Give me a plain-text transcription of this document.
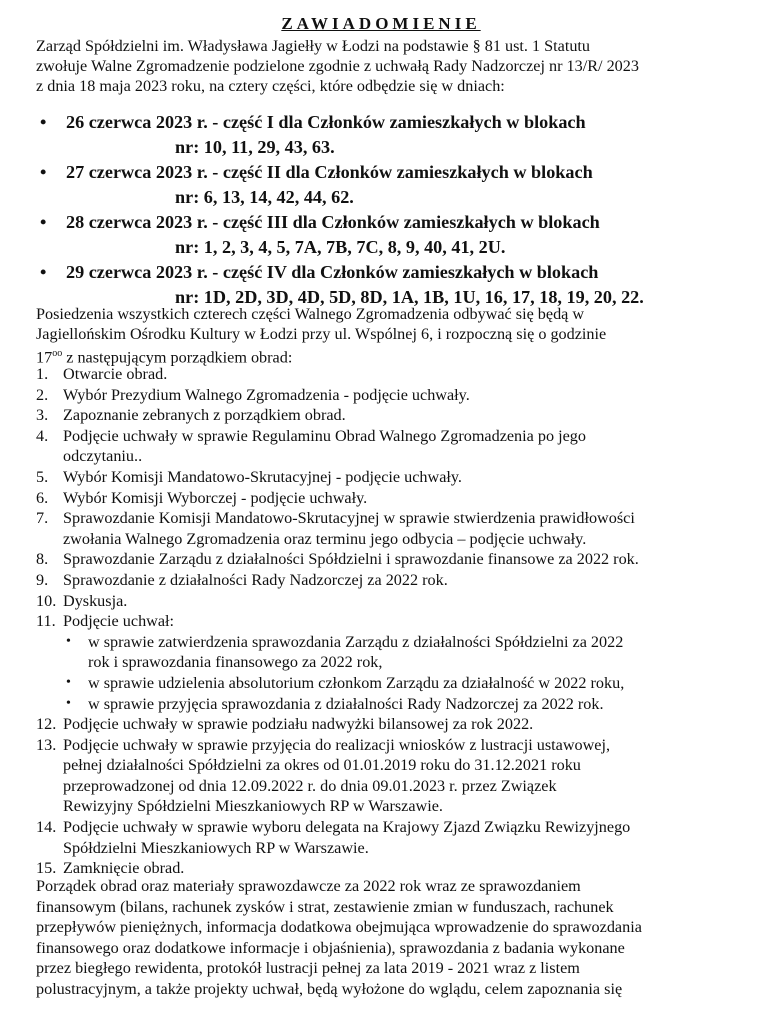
ZAWIADOMIENIE
Zarząd Spółdzielni im. Władysława Jagiełły w Łodzi na podstawie § 81 ust. 1 Statutu
zwołuje Walne Zgromadzenie podzielone zgodnie z uchwałą Rady Nadzorczej nr 13/R/ 2023
z dnia 18 maja 2023 roku, na cztery części, które odbędzie się w dniach:
•	26 czerwca 2023 r. - część I dla Członków zamieszkałych w blokach
nr: 10, 11, 29, 43, 63.
•	27 czerwca 2023 r. - część II dla Członków zamieszkałych w blokach
nr: 6, 13, 14, 42, 44, 62.
•	28 czerwca 2023 r. - część III dla Członków zamieszkałych w blokach
nr: 1, 2, 3, 4, 5, 7A, 7B, 7C, 8, 9, 40, 41, 2U.
•	29 czerwca 2023 r. - część IV dla Członków zamieszkałych w blokach
nr: 1D, 2D, 3D, 4D, 5D, 8D, 1A, 1B, 1U, 16, 17, 18, 19, 20, 22.
Posiedzenia wszystkich czterech części Walnego Zgromadzenia odbywać się będą w
Jagiellońskim Ośrodku Kultury w Łodzi przy ul. Wspólnej 6, i rozpoczną się o godzinie
$17^{oo}$ z następującym porządkiem obrad:
1. Otwarcie obrad.
2. Wybór Prezydium Walnego Zgromadzenia - podjęcie uchwały.
3. Zapoznanie zebranych z porządkiem obrad.
4. Podjęcie uchwały w sprawie Regulaminu Obrad Walnego Zgromadzenia po jego
odczytaniu..
5. Wybór Komisji Mandatowo-Skrutacyjnej - podjęcie uchwały.
6. Wybór Komisji Wyborczej - podjęcie uchwały.
7. Sprawozdanie Komisji Mandatowo-Skrutacyjnej w sprawie stwierdzenia prawidłowości
zwołania Walnego Zgromadzenia oraz terminu jego odbycia – podjęcie uchwały.
8. Sprawozdanie Zarządu z działalności Spółdzielni i sprawozdanie finansowe za 2022 rok.
9. Sprawozdanie z działalności Rady Nadzorczej za 2022 rok.
10. Dyskusja.
11. Podjęcie uchwał:
• w sprawie zatwierdzenia sprawozdania Zarządu z działalności Spółdzielni za 2022
rok i sprawozdania finansowego za 2022 rok,
• w sprawie udzielenia absolutorium członkom Zarządu za działalność w 2022 roku,
• w sprawie przyjęcia sprawozdania z działalności Rady Nadzorczej za 2022 rok.
12. Podjęcie uchwały w sprawie podziału nadwyżki bilansowej za rok 2022.
13. Podjęcie uchwały w sprawie przyjęcia do realizacji wniosków z lustracji ustawowej,
pełnej działalności Spółdzielni za okres od 01.01.2019 roku do 31.12.2021 roku
przeprowadzonej od dnia 12.09.2022 r. do dnia 09.01.2023 r. przez Związek
Rewizyjny Spółdzielni Mieszkaniowych RP w Warszawie.
14. Podjęcie uchwały w sprawie wyboru delegata na Krajowy Zjazd Związku Rewizyjnego
Spółdzielni Mieszkaniowych RP w Warszawie.
15. Zamknięcie obrad.
Porządek obrad oraz materiały sprawozdawcze za 2022 rok wraz ze sprawozdaniem
finansowym (bilans, rachunek zysków i strat, zestawienie zmian w funduszach, rachunek
przepływów pieniężnych, informacja dodatkowa obejmująca wprowadzenie do sprawozdania
finansowego oraz dodatkowe informacje i objaśnienia), sprawozdania z badania wykonane
przez biegłego rewidenta, protokół lustracji pełnej za lata 2019 - 2021 wraz z listem
polustracyjnym, a także projekty uchwał, będą wyłożone do wglądu, celem zapoznania się
